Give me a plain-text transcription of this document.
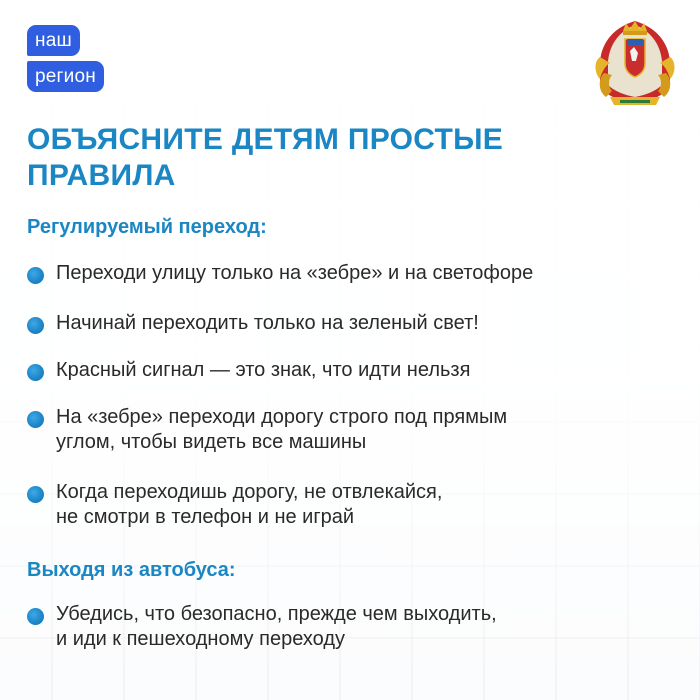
наш
регион
ОБЪЯСНИТЕ ДЕТЯМ ПРОСТЫЕ ПРАВИЛА
Регулируемый переход:
Переходи улицу только на «зебре» и на светофоре
Начинай переходить только на зеленый свет!
Красный сигнал — это знак, что идти нельзя
На «зебре» переходи дорогу строго под прямым
углом, чтобы видеть все машины
Когда переходишь дорогу, не отвлекайся,
не смотри в телефон и не играй
Выходя из автобуса:
Убедись, что безопасно, прежде чем выходить,
и иди к пешеходному переходу
